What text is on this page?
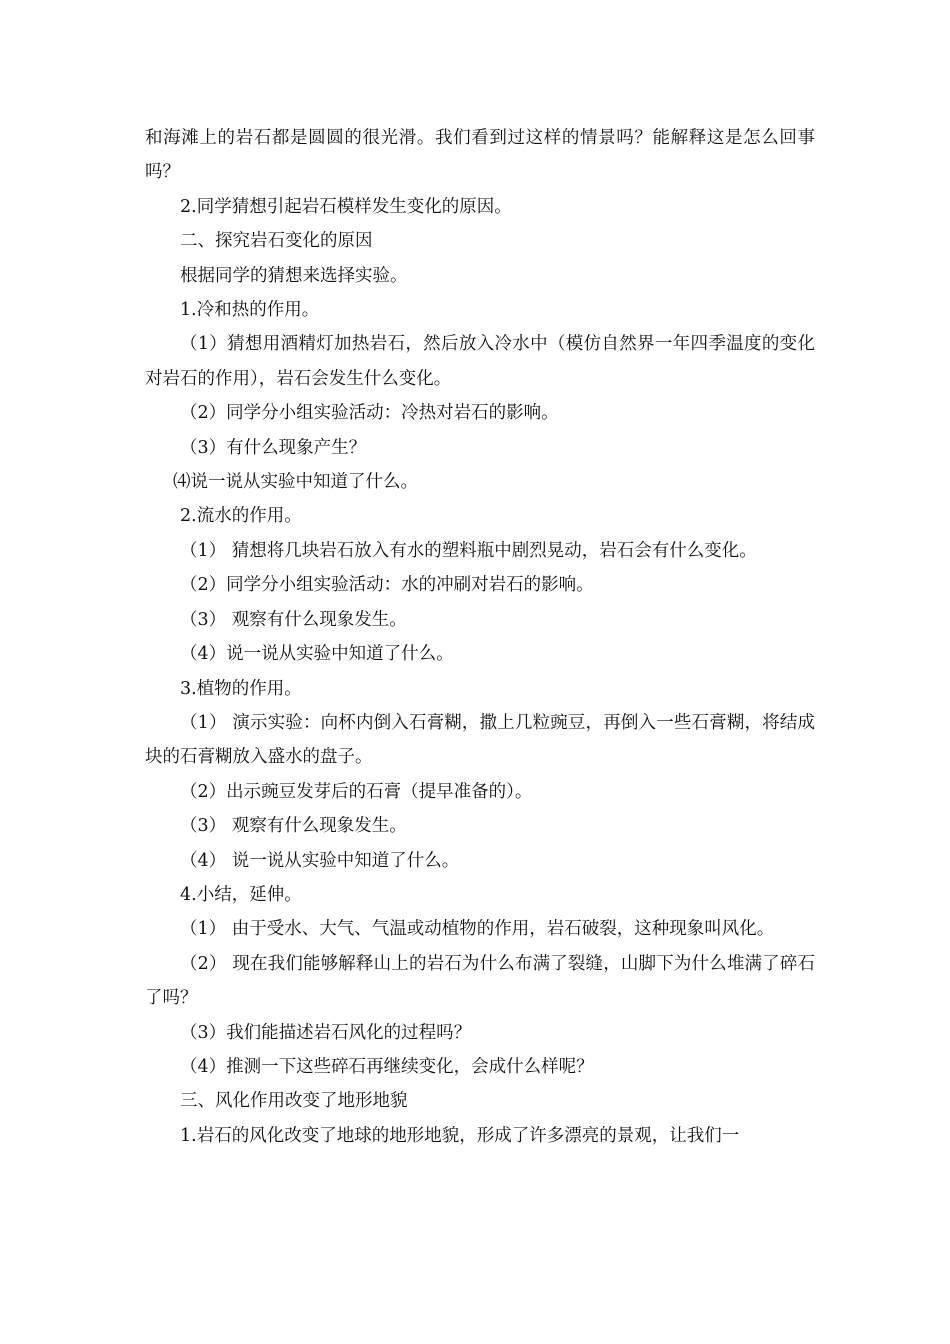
和海滩上的岩石都是圆圆的很光滑。我们看到过这样的情景吗？能解释这是怎么回事吗？

2.同学猜想引起岩石模样发生变化的原因。

二、探究岩石变化的原因

根据同学的猜想来选择实验。

1.冷和热的作用。

（1）猜想用酒精灯加热岩石，然后放入冷水中（模仿自然界一年四季温度的变化对岩石的作用），岩石会发生什么变化。

（2）同学分小组实验活动：冷热对岩石的影响。

（3）有什么现象产生？

⑷说一说从实验中知道了什么。

2.流水的作用。

（1） 猜想将几块岩石放入有水的塑料瓶中剧烈晃动，岩石会有什么变化。

（2）同学分小组实验活动：水的冲刷对岩石的影响。

（3） 观察有什么现象发生。

（4）说一说从实验中知道了什么。

3.植物的作用。

（1） 演示实验：向杯内倒入石膏糊，撒上几粒豌豆，再倒入一些石膏糊，将结成块的石膏糊放入盛水的盘子。

（2）出示豌豆发芽后的石膏（提早准备的）。

（3） 观察有什么现象发生。

（4） 说一说从实验中知道了什么。

4.小结，延伸。

（1） 由于受水、大气、气温或动植物的作用，岩石破裂，这种现象叫风化。

（2） 现在我们能够解释山上的岩石为什么布满了裂缝，山脚下为什么堆满了碎石了吗？

（3）我们能描述岩石风化的过程吗？

（4）推测一下这些碎石再继续变化，会成什么样呢？

三、风化作用改变了地形地貌

1.岩石的风化改变了地球的地形地貌，形成了许多漂亮的景观，让我们一
